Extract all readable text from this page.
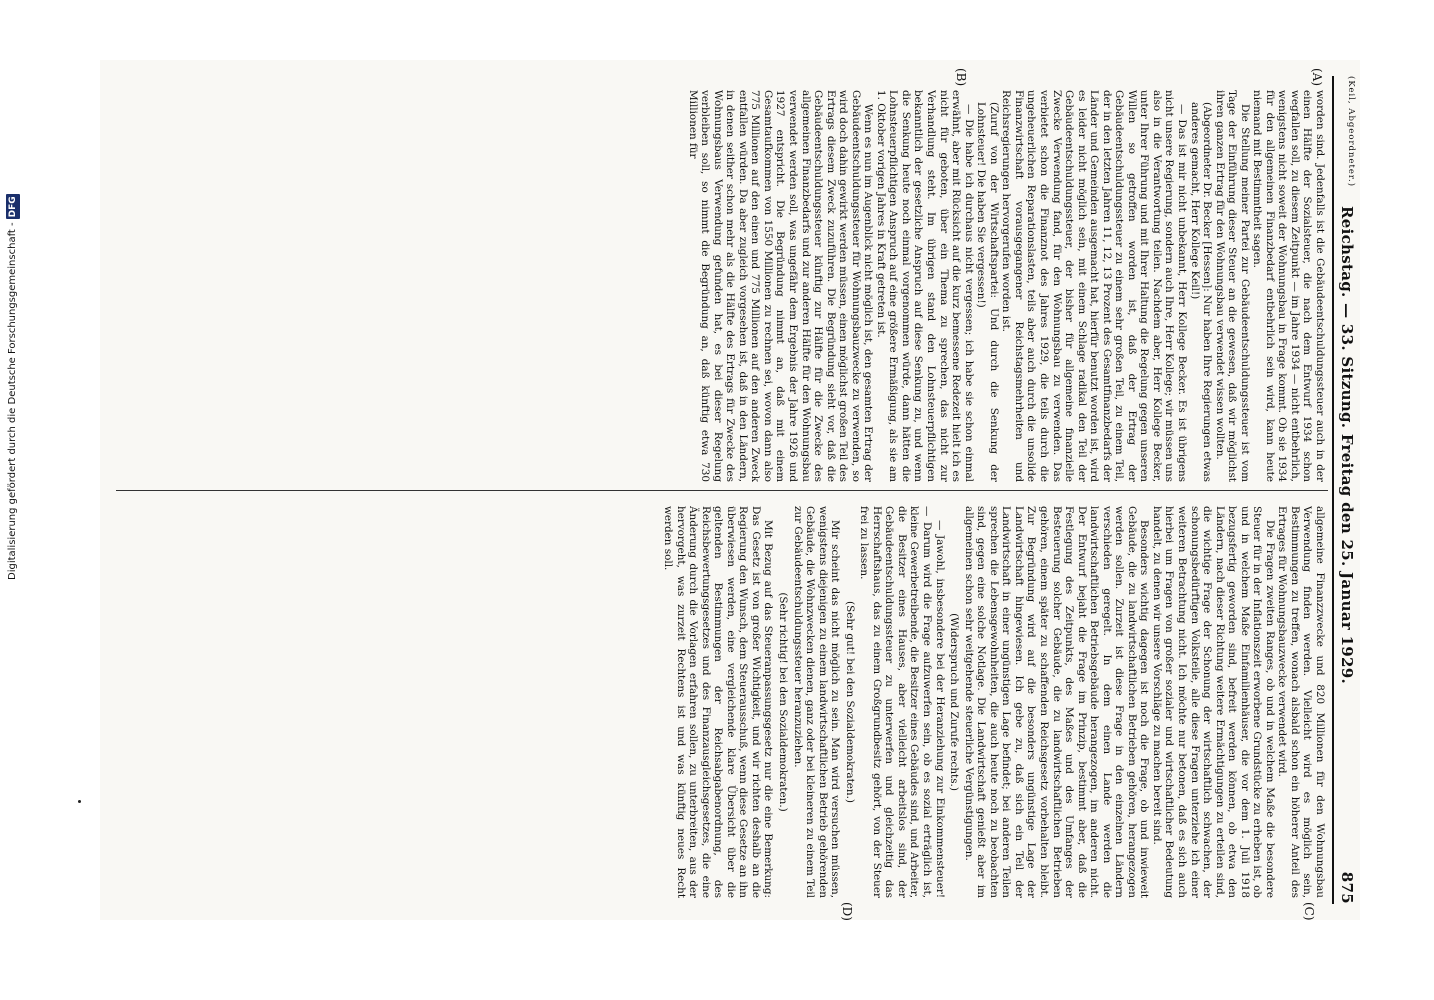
(Keil, Abgeordneter.)
Reichstag. — 33. Sitzung. Freitag den 25. Januar 1929.
875
(A)
(B)
(C)
(D)

worden sind. Jedenfalls ist die Gebäudeentschuldungssteuer auch in der einen Hälfte der Sozialsteuer, die nach dem Entwurf 1934 schon wegfallen soll, zu diesem Zeitpunkt — im Jahre 1934 — nicht entbehrlich, wenigstens nicht soweit der Wohnungsbau in Frage kommt. Ob sie 1934 für den allgemeinen Finanzbedarf entbehrlich sein wird, kann heute niemand mit Bestimmtheit sagen.

Die Stellung meiner Partei zur Gebäudeentschuldungssteuer ist vom Tage der Einführung dieser Steuer an die gewesen, daß wir möglichst ihren ganzen Ertrag für den Wohnungsbau verwendet wissen wollten.

(Abgeordneter Dr. Becker [Hessen]: Nur haben Ihre Regierungen etwas anderes gemacht, Herr Kollege Keil!)

— Das ist mir nicht unbekannt, Herr Kollege Becker. Es ist übrigens nicht unsere Regierung, sondern auch Ihre, Herr Kollege; wir müssen uns also in die Verantwortung teilen. Nachdem aber, Herr Kollege Becker, unter Ihrer Führung und mit Ihrer Haltung die Regelung gegen unseren Willen so getroffen worden ist, daß der Ertrag der Gebäudeentschuldungssteuer zu einem sehr großen Teil, zu einem Teil, der in den letzten Jahren 11, 12, 13 Prozent des Gesamtfinanzbedarfs der Länder und Gemeinden ausgemacht hat, hierfür benutzt worden ist, wird es leider nicht möglich sein, mit einem Schlage radikal den Teil der Gebäudeentschuldungssteuer, der bisher für allgemeine finanzielle Zwecke Verwendung fand, für den Wohnungsbau zu verwenden. Das verbietet schon die Finanznot des Jahres 1929, die teils durch die ungeheuerlichen Reparationslasten, teils aber auch durch die unsolide Finanzwirtschaft vorausgegangener Reichstagsmehrheiten und Reichsregierungen hervorgerufen worden ist.

(Zuruf von der Wirtschaftspartei: Und durch die Senkung der Lohnsteuer! Die haben Sie vergessen!)

— Die habe ich durchaus nicht vergessen; ich habe sie schon einmal erwähnt, aber mit Rücksicht auf die kurz bemessene Redezeit hielt ich es nicht für geboten, über ein Thema zu sprechen, das nicht zur Verhandlung steht. Im übrigen stand den Lohnsteuerpflichtigen bekanntlich der gesetzliche Anspruch auf diese Senkung zu, und wenn die Senkung heute noch einmal vorgenommen würde, dann hätten die Lohnsteuerpflichtigen Anspruch auf eine größere Ermäßigung, als sie am 1. Oktober vorigen Jahres in Kraft getreten ist.

Wenn es nun im Augenblick nicht möglich ist, den gesamten Ertrag der Gebäudeentschuldungssteuer für Wohnungsbauzwecke zu verwenden, so wird doch dahin gewirkt werden müssen, einen möglichst großen Teil des Ertrags diesem Zweck zuzuführen. Die Begründung sieht vor, daß die Gebäudeentschuldungssteuer künftig zur Hälfte für die Zwecke des allgemeinen Finanzbedarfs und zur anderen Hälfte für den Wohnungsbau verwendet werden soll, was ungefähr dem Ergebnis der Jahre 1926 und 1927 entspricht. Die Begründung nimmt an, daß mit einem Gesamtaufkommen von 1550 Millionen zu rechnen sei, wovon dann also 775 Millionen auf den einen und 775 Millionen auf den anderen Zweck entfallen würden. Da aber zugleich vorgesehen ist, daß in den Ländern, in denen seither schon mehr als die Hälfte des Ertrags für Zwecke des Wohnungsbaus Verwendung gefunden hat, es bei dieser Regelung verbleiben soll, so nimmt die Begründung an, daß künftig etwa 730 Millionen für

allgemeine Finanzzwecke und 820 Millionen für den Wohnungsbau Verwendung finden werden. Vielleicht wird es möglich sein, Bestimmungen zu treffen, wonach alsbald schon ein höherer Anteil des Ertrages für Wohnungsbauzwecke verwendet wird.

Die Fragen zweiten Ranges, ob und in welchem Maße die besondere Steuer für in der Inflationszeit erworbene Grundstücke zu erheben ist, ob und in welchem Maße Einfamilienhäuser, die vor dem 1. Juli 1918 bezugsfertig geworden sind, befreit werden können, ob etwa den Ländern, nach dieser Richtung weitere Ermächtigungen zu erteilen sind, die wichtige Frage der Schonung der wirtschaftlich schwachen, der schonungsbedürftigen Volksteile, alle diese Fragen unterziehe ich einer weiteren Betrachtung nicht. Ich möchte nur betonen, daß es sich auch hierbei um Fragen von großer sozialer und wirtschaftlicher Bedeutung handelt, zu denen wir unsere Vorschläge zu machen bereit sind.

Besonders wichtig dagegen ist noch die Frage, ob und inwieweit Gebäude, die zu landwirtschaftlichen Betrieben gehören, herangezogen werden sollen. Zurzeit ist diese Frage in den einzelnen Ländern verschieden geregelt. In dem einen Lande werden die landwirtschaftlichen Betriebsgebäude herangezogen, im anderen nicht. Der Entwurf bejaht die Frage im Prinzip, bestimmt aber, daß die Festlegung des Zeitpunkts, des Maßes und des Umfanges der Besteuerung solcher Gebäude, die zu landwirtschaftlichen Betrieben gehören, einem später zu schaffenden Reichsgesetz vorbehalten bleibt. Zur Begründung wird auf die besonders ungünstige Lage der Landwirtschaft hingewiesen. Ich gebe zu, daß sich ein Teil der Landwirtschaft in einer ungünstigen Lage befindet; bei anderen Teilen sprechen die Lebensgewohnheiten, die auch heute noch zu beobachten sind, gegen eine solche Notlage. Die Landwirtschaft genießt aber im allgemeinen schon sehr weitgehende steuerliche Vergünstigungen.

(Widerspruch und Zurufe rechts.)

— Jawohl, insbesondere bei der Heranziehung zur Einkommensteuer! — Darum wird die Frage aufzuwerfen sein, ob es sozial erträglich ist, kleine Gewerbetreibende, die Besitzer eines Gebäudes sind, und Arbeiter, die Besitzer eines Hauses, aber vielleicht arbeitslos sind, der Gebäudeentschuldungssteuer zu unterwerfen und gleichzeitig das Herrschaftshaus, das zu einem Großgrundbesitz gehört, von der Steuer frei zu lassen.

(Sehr gut! bei den Sozialdemokraten.)

Mir scheint das nicht möglich zu sein. Man wird versuchen müssen, wenigstens diejenigen zu einem landwirtschaftlichen Betrieb gehörenden Gebäude, die Wohnzwecken dienen, ganz oder bei kleineren zu einem Teil zur Gebäudeentschuldungssteuer heranzuziehen.

(Sehr richtig! bei den Sozialdemokraten.)

Mit Bezug auf das Steueranpassungsgesetz nur die eine Bemerkung: Das Gesetz ist von großer Wichtigkeit, und wir richten deshalb an die Regierung den Wunsch, dem Steuerausschuß, wenn diese Gesetze an ihn überwiesen werden, eine vergleichende klare Übersicht über die geltenden Bestimmungen der Reichsabgabenordnung, des Reichsbewertungsgesetzes und des Finanzausgleichsgesetzes, die eine Änderung durch die Vorlagen erfahren sollen, zu unterbreiten, aus der hervorgeht, was zurzeit Rechtens ist und was künftig neues Recht werden soll.

Digitalisierung gefördert durch die Deutsche Forschungsgemeinschaft -DFG
